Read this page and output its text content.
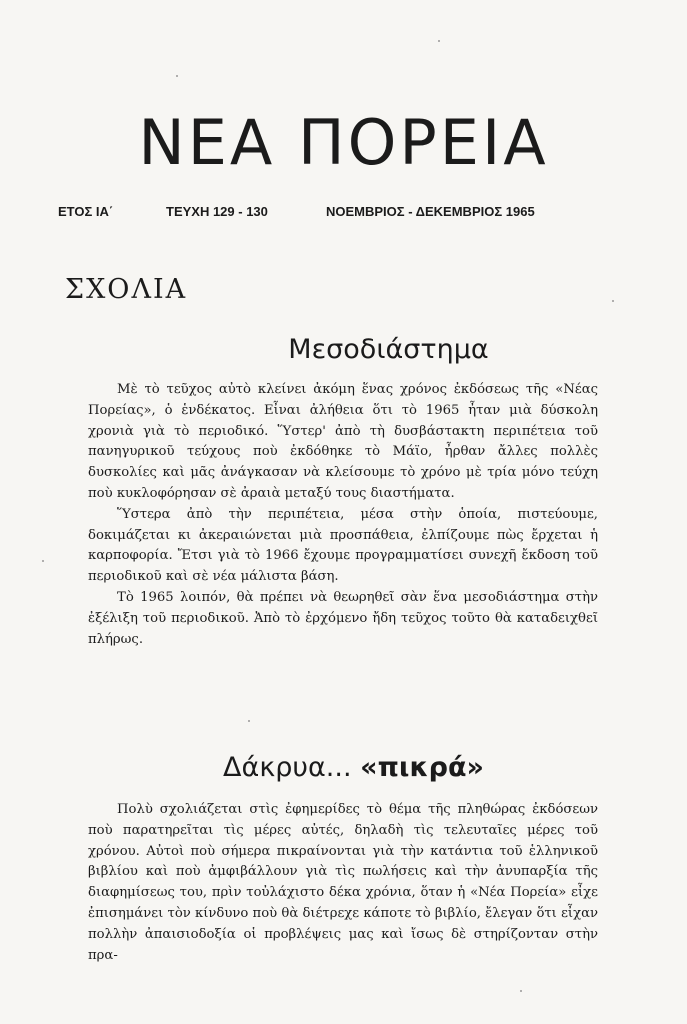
ΝΕΑ ΠΟΡΕΙΑ
ΕΤΟΣ ΙΑ΄	ΤΕΥΧΗ 129 - 130	ΝΟΕΜΒΡΙΟΣ - ΔΕΚΕΜΒΡΙΟΣ 1965
ΣΧΟΛΙΑ
Μεσοδιάστημα

Μὲ τὸ τεῦχος αὐτὸ κλείνει ἀκόμη ἕνας χρόνος ἐκδόσεως τῆς «Νέας Πορείας», ὁ ἑνδέκατος. Εἶναι ἀλήθεια ὅτι τὸ 1965 ἦταν μιὰ δύσκολη χρονιὰ γιὰ τὸ περιοδικό. Ὕστερ' ἀπὸ τὴ δυσβάστακτη περιπέτεια τοῦ πανηγυρικοῦ τεύχους ποὺ ἐκδόθηκε τὸ Μάϊο, ἦρθαν ἄλλες πολλὲς δυσκολίες καὶ μᾶς ἀνάγκασαν νὰ κλείσουμε τὸ χρόνο μὲ τρία μόνο τεύχη ποὺ κυκλοφόρησαν σὲ ἀραιὰ μεταξύ τους διαστήματα.

Ὕστερα ἀπὸ τὴν περιπέτεια, μέσα στὴν ὁποία, πιστεύουμε, δοκιμάζεται κι ἀκεραιώνεται μιὰ προσπάθεια, ἐλπίζουμε πὼς ἔρχεται ἡ καρποφορία. Ἔτσι γιὰ τὸ 1966 ἔχουμε προγραμματίσει συνεχῆ ἔκδοση τοῦ περιοδικοῦ καὶ σὲ νέα μάλιστα βάση.

Τὸ 1965 λοιπόν, θὰ πρέπει νὰ θεωρηθεῖ σὰν ἕνα μεσοδιάστημα στὴν ἐξέλιξη τοῦ περιοδικοῦ. Ἀπὸ τὸ ἐρχόμενο ἤδη τεῦχος τοῦτο θὰ καταδειχθεῖ πλήρως.

Δάκρυα... «πικρά»

Πολὺ σχολιάζεται στὶς ἐφημερίδες τὸ θέμα τῆς πληθώρας ἐκδόσεων ποὺ παρατηρεῖται τὶς μέρες αὐτές, δηλαδὴ τὶς τελευταῖες μέρες τοῦ χρόνου. Αὐτοὶ ποὺ σήμερα πικραίνονται γιὰ τὴν κατάντια τοῦ ἑλληνικοῦ βιβλίου καὶ ποὺ ἀμφιβάλλουν γιὰ τὶς πωλήσεις καὶ τὴν ἀνυπαρξία τῆς διαφημίσεως του, πρὶν τοὐλάχιστο δέκα χρόνια, ὅταν ἡ «Νέα Πορεία» εἶχε ἐπισημάνει τὸν κίνδυνο ποὺ θὰ διέτρεχε κάποτε τὸ βιβλίο, ἔλεγαν ὅτι εἶχαν πολλὴν ἀπαισιοδοξία οἱ προβλέψεις μας καὶ ἴσως δὲ στηρίζονταν στὴν πρα-
